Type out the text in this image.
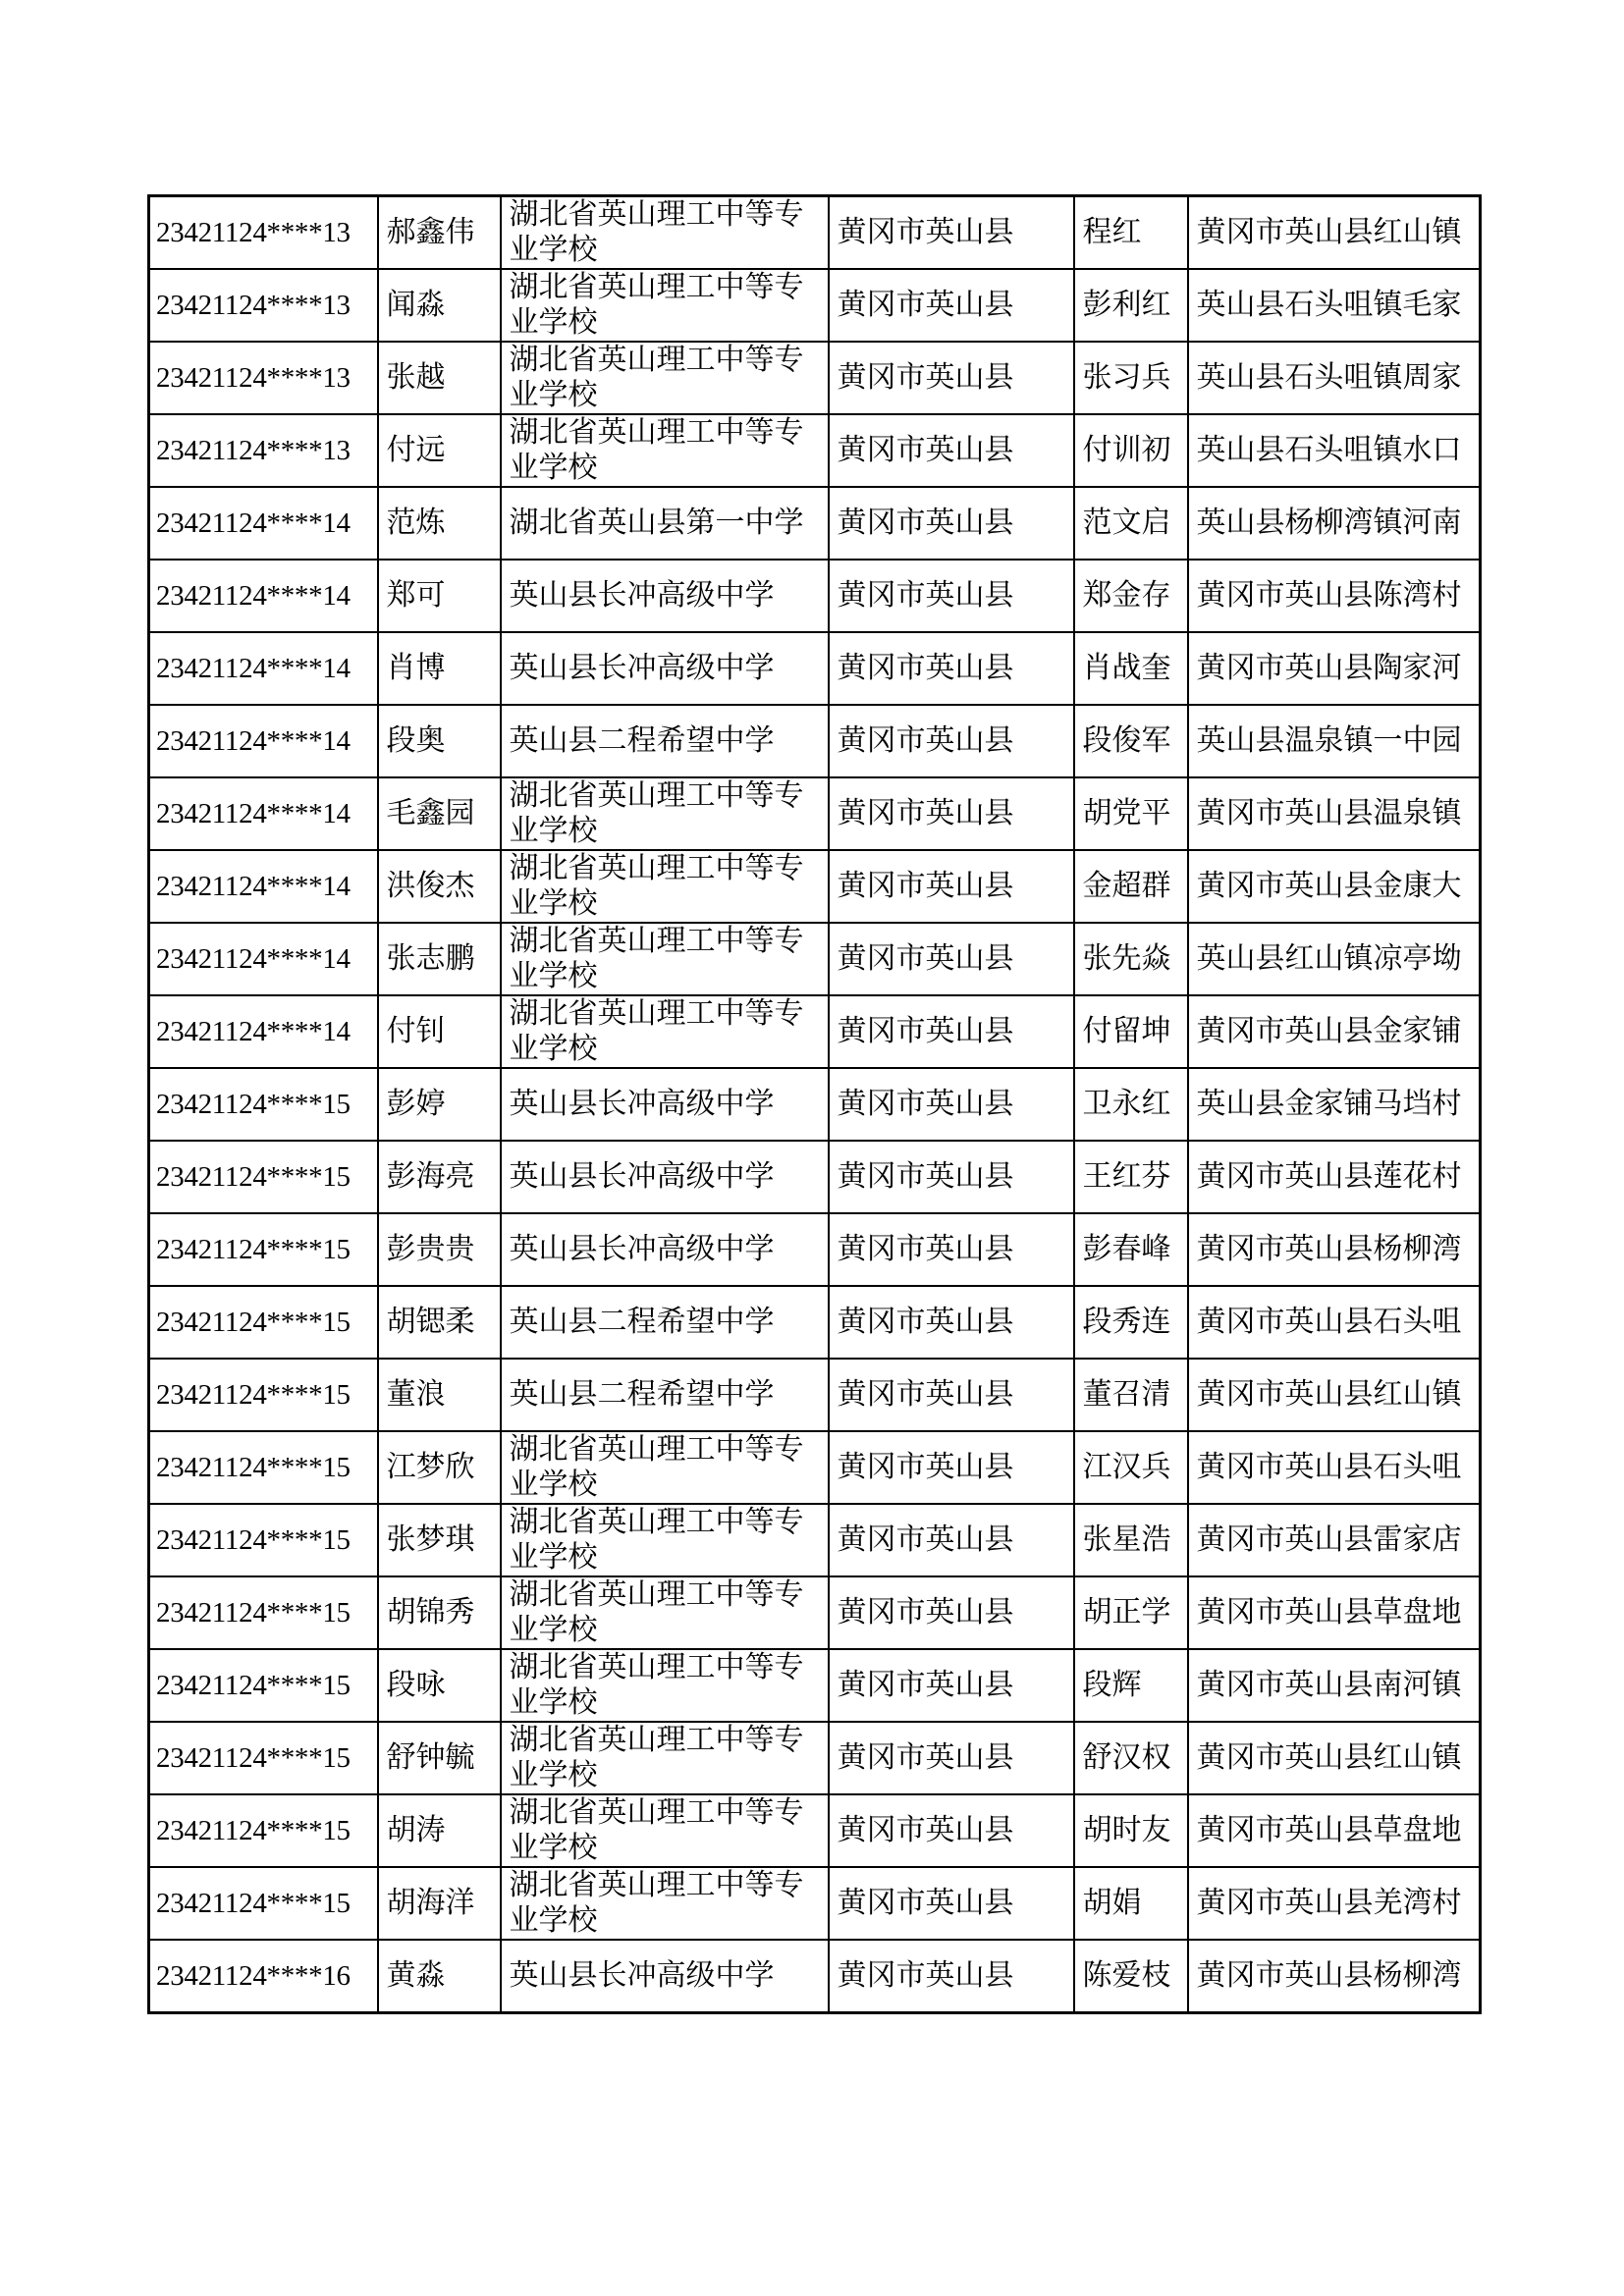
23421124****13	郝鑫伟	湖北省英山理工中等专业学校	黄冈市英山县	程红	黄冈市英山县红山镇
23421124****13	闻淼	湖北省英山理工中等专业学校	黄冈市英山县	彭利红	英山县石头咀镇毛家
23421124****13	张越	湖北省英山理工中等专业学校	黄冈市英山县	张习兵	英山县石头咀镇周家
23421124****13	付远	湖北省英山理工中等专业学校	黄冈市英山县	付训初	英山县石头咀镇水口
23421124****14	范炼	湖北省英山县第一中学	黄冈市英山县	范文启	英山县杨柳湾镇河南
23421124****14	郑可	英山县长冲高级中学	黄冈市英山县	郑金存	黄冈市英山县陈湾村
23421124****14	肖博	英山县长冲高级中学	黄冈市英山县	肖战奎	黄冈市英山县陶家河
23421124****14	段奥	英山县二程希望中学	黄冈市英山县	段俊军	英山县温泉镇一中园
23421124****14	毛鑫园	湖北省英山理工中等专业学校	黄冈市英山县	胡党平	黄冈市英山县温泉镇
23421124****14	洪俊杰	湖北省英山理工中等专业学校	黄冈市英山县	金超群	黄冈市英山县金康大
23421124****14	张志鹏	湖北省英山理工中等专业学校	黄冈市英山县	张先焱	英山县红山镇凉亭坳
23421124****14	付钊	湖北省英山理工中等专业学校	黄冈市英山县	付留坤	黄冈市英山县金家铺
23421124****15	彭婷	英山县长冲高级中学	黄冈市英山县	卫永红	英山县金家铺马垱村
23421124****15	彭海亮	英山县长冲高级中学	黄冈市英山县	王红芬	黄冈市英山县莲花村
23421124****15	彭贵贵	英山县长冲高级中学	黄冈市英山县	彭春峰	黄冈市英山县杨柳湾
23421124****15	胡锶柔	英山县二程希望中学	黄冈市英山县	段秀连	黄冈市英山县石头咀
23421124****15	董浪	英山县二程希望中学	黄冈市英山县	董召清	黄冈市英山县红山镇
23421124****15	江梦欣	湖北省英山理工中等专业学校	黄冈市英山县	江汉兵	黄冈市英山县石头咀
23421124****15	张梦琪	湖北省英山理工中等专业学校	黄冈市英山县	张星浩	黄冈市英山县雷家店
23421124****15	胡锦秀	湖北省英山理工中等专业学校	黄冈市英山县	胡正学	黄冈市英山县草盘地
23421124****15	段咏	湖北省英山理工中等专业学校	黄冈市英山县	段辉	黄冈市英山县南河镇
23421124****15	舒钟毓	湖北省英山理工中等专业学校	黄冈市英山县	舒汉权	黄冈市英山县红山镇
23421124****15	胡涛	湖北省英山理工中等专业学校	黄冈市英山县	胡时友	黄冈市英山县草盘地
23421124****15	胡海洋	湖北省英山理工中等专业学校	黄冈市英山县	胡娟	黄冈市英山县羌湾村
23421124****16	黄淼	英山县长冲高级中学	黄冈市英山县	陈爱枝	黄冈市英山县杨柳湾
